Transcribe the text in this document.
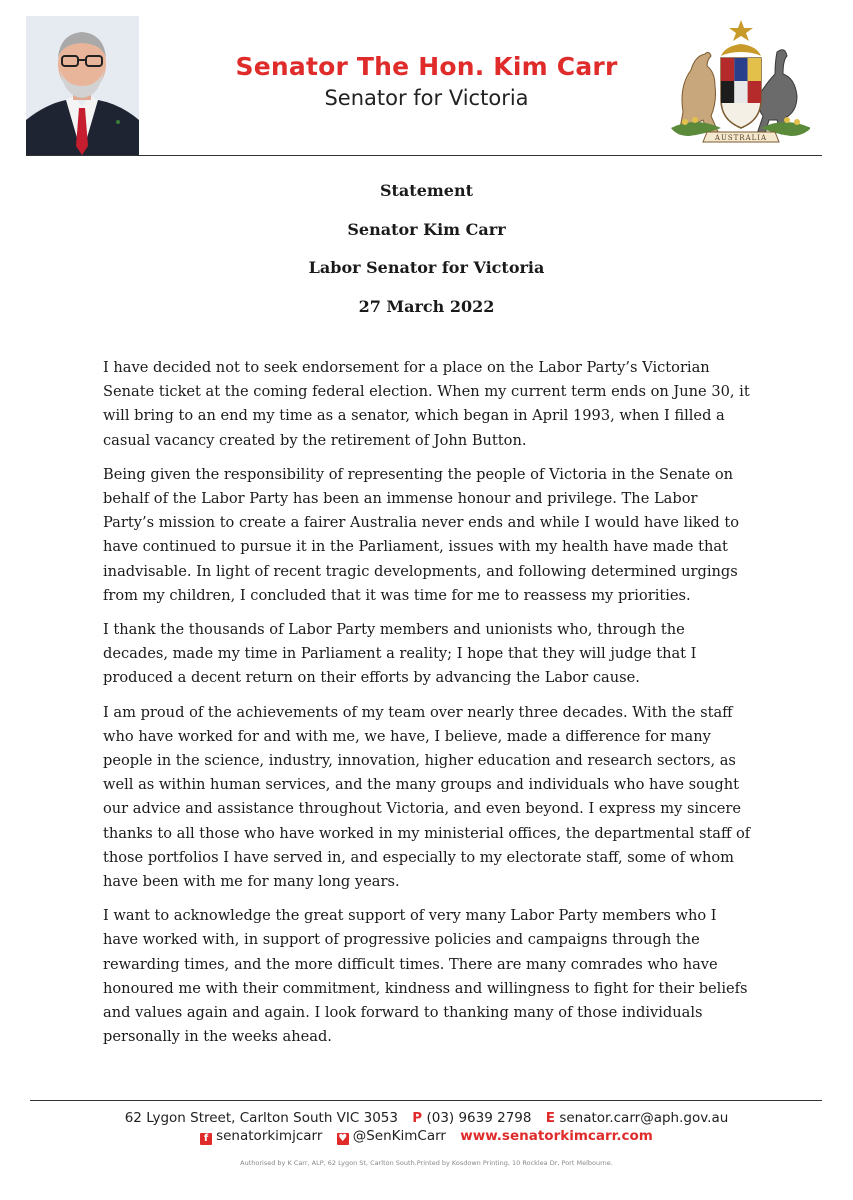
Senator The Hon. Kim Carr
Senator for Victoria
AUSTRALIA
Statement
Senator Kim Carr
Labor Senator for Victoria
27 March 2022

I have decided not to seek endorsement for a place on the Labor Party’s Victorian Senate ticket at the coming federal election. When my current term ends on June 30, it will bring to an end my time as a senator, which began in April 1993, when I filled a casual vacancy created by the retirement of John Button.

Being given the responsibility of representing the people of Victoria in the Senate on behalf of the Labor Party has been an immense honour and privilege. The Labor Party’s mission to create a fairer Australia never ends and while I would have liked to have continued to pursue it in the Parliament, issues with my health have made that inadvisable. In light of recent tragic developments, and following determined urgings from my children, I concluded that it was time for me to reassess my priorities.

I thank the thousands of Labor Party members and unionists who, through the decades, made my time in Parliament a reality; I hope that they will judge that I produced a decent return on their efforts by advancing the Labor cause.

I am proud of the achievements of my team over nearly three decades. With the staff who have worked for and with me, we have, I believe, made a difference for many people in the science, industry, innovation, higher education and research sectors, as well as within human services, and the many groups and individuals who have sought our advice and assistance throughout Victoria, and even beyond. I express my sincere thanks to all those who have worked in my ministerial offices, the departmental staff of those portfolios I have served in, and especially to my electorate staff, some of whom have been with me for many long years.

I want to acknowledge the great support of very many Labor Party members who I have worked with, in support of progressive policies and campaigns through the rewarding times, and the more difficult times. There are many comrades who have honoured me with their commitment, kindness and willingness to fight for their beliefs and values again and again. I look forward to thanking many of those individuals personally in the weeks ahead.

62 Lygon Street, Carlton South VIC 3053 P (03) 9639 2798 E senator.carr@aph.gov.au
f senatorkimjcarr ♥ @SenKimCarr www.senatorkimcarr.com
Authorised by K Carr, ALP, 62 Lygon St, Carlton South.Printed by Kosdown Printing, 10 Rocklea Dr, Port Melbourne.
